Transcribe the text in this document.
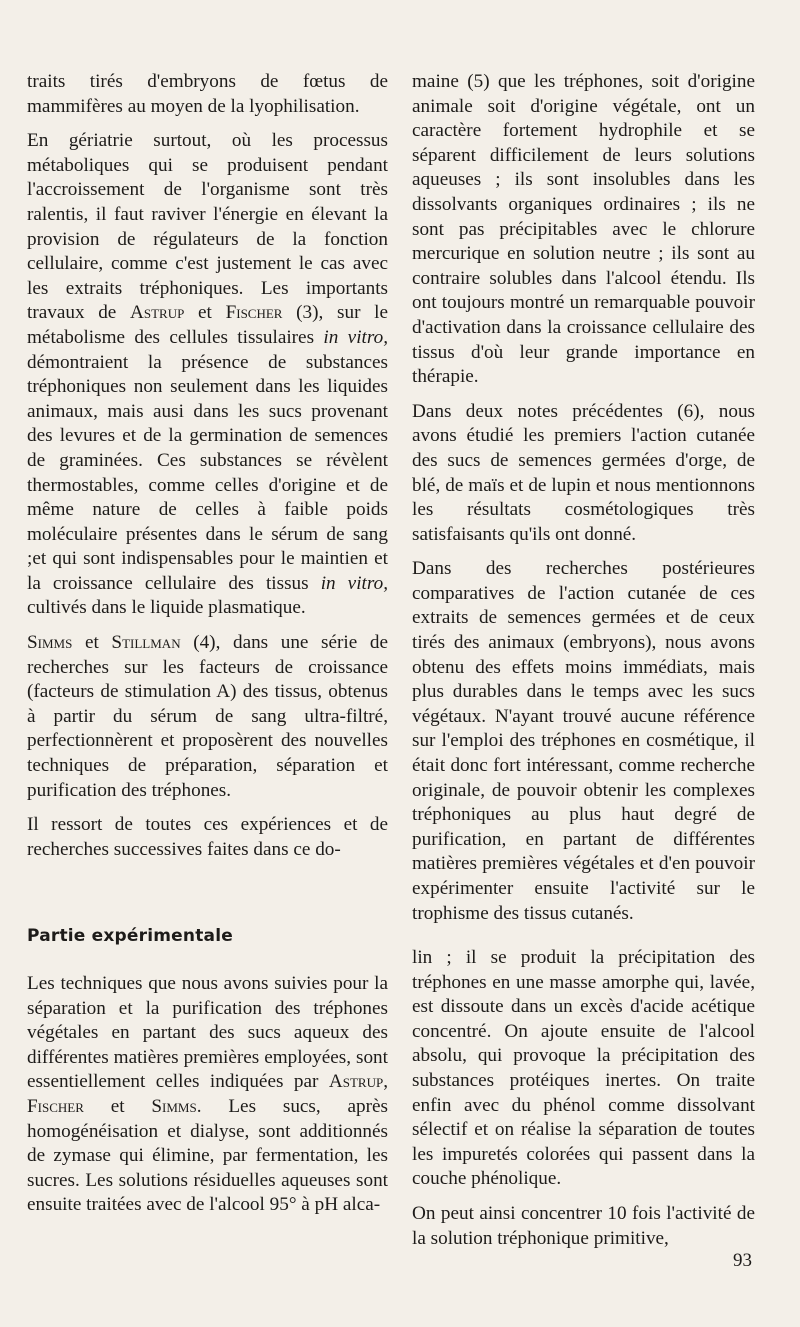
traits tirés d'embryons de fœtus de mammifères au moyen de la lyophilisation.

En gériatrie surtout, où les processus métaboliques qui se produisent pendant l'accroissement de l'organisme sont très ralentis, il faut raviver l'énergie en élevant la provision de régulateurs de la fonction cellulaire, comme c'est justement le cas avec les extraits tréphoniques. Les importants travaux de Astrup et Fischer (3), sur le métabolisme des cellules tissulaires in vitro, démontraient la présence de substances tréphoniques non seulement dans les liquides animaux, mais ausi dans les sucs provenant des levures et de la germination de semences de graminées. Ces substances se révèlent thermostables, comme celles d'origine et de même nature de celles à faible poids moléculaire présentes dans le sérum de sang ;et qui sont indispensables pour le maintien et la croissance cellulaire des tissus in vitro, cultivés dans le liquide plasmatique.

Simms et Stillman (4), dans une série de recherches sur les facteurs de croissance (facteurs de stimulation A) des tissus, obtenus à partir du sérum de sang ultra-filtré, perfectionnèrent et proposèrent des nouvelles techniques de préparation, séparation et purification des tréphones.

Il ressort de toutes ces expériences et de recherches successives faites dans ce do-

maine (5) que les tréphones, soit d'origine animale soit d'origine végétale, ont un caractère fortement hydrophile et se séparent difficilement de leurs solutions aqueuses ; ils sont insolubles dans les dissolvants organiques ordinaires ; ils ne sont pas précipitables avec le chlorure mercurique en solution neutre ; ils sont au contraire solubles dans l'alcool étendu. Ils ont toujours montré un remarquable pouvoir d'activation dans la croissance cellulaire des tissus d'où leur grande importance en thérapie.

Dans deux notes précédentes (6), nous avons étudié les premiers l'action cutanée des sucs de semences germées d'orge, de blé, de maïs et de lupin et nous mentionnons les résultats cosmétologiques très satisfaisants qu'ils ont donné.

Dans des recherches postérieures comparatives de l'action cutanée de ces extraits de semences germées et de ceux tirés des animaux (embryons), nous avons obtenu des effets moins immédiats, mais plus durables dans le temps avec les sucs végétaux. N'ayant trouvé aucune référence sur l'emploi des tréphones en cosmétique, il était donc fort intéressant, comme recherche originale, de pouvoir obtenir les complexes tréphoniques au plus haut degré de purification, en partant de différentes matières premières végétales et d'en pouvoir expérimenter ensuite l'activité sur le trophisme des tissus cutanés.

Partie expérimentale

Les techniques que nous avons suivies pour la séparation et la purification des tréphones végétales en partant des sucs aqueux des différentes matières premières employées, sont essentiellement celles indiquées par Astrup, Fischer et Simms. Les sucs, après homogénéisation et dialyse, sont additionnés de zymase qui élimine, par fermentation, les sucres. Les solutions résiduelles aqueuses sont ensuite traitées avec de l'alcool 95° à pH alca-

lin ; il se produit la précipitation des tréphones en une masse amorphe qui, lavée, est dissoute dans un excès d'acide acétique concentré. On ajoute ensuite de l'alcool absolu, qui provoque la précipitation des substances protéiques inertes. On traite enfin avec du phénol comme dissolvant sélectif et on réalise la séparation de toutes les impuretés colorées qui passent dans la couche phénolique.

On peut ainsi concentrer 10 fois l'activité de la solution tréphonique primitive,

93
